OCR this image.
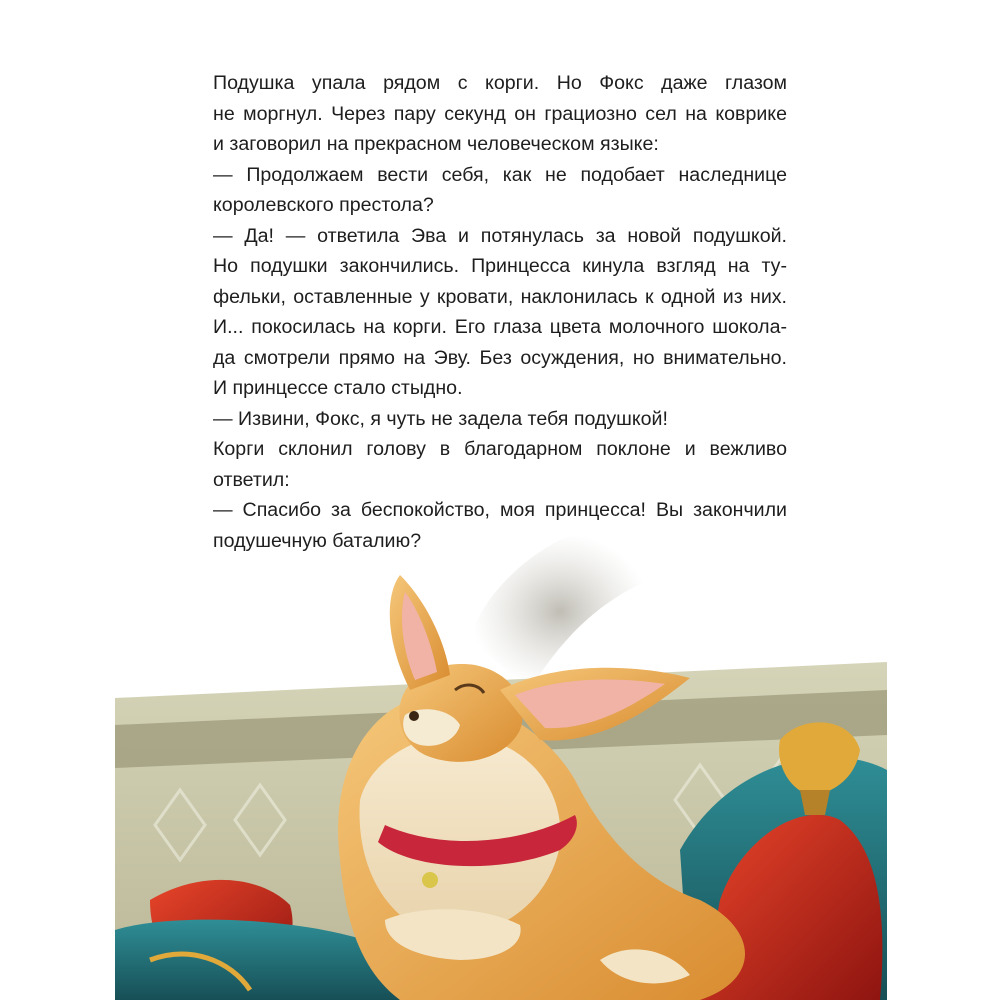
Подушка упала рядом с корги. Но Фокс даже глазом
не моргнул. Через пару секунд он грациозно сел на коврике
и заговорил на прекрасном человеческом языке:
— Продолжаем вести себя, как не подобает наследнице
королевского престола?
— Да! — ответила Эва и потянулась за новой подушкой.
Но подушки закончились. Принцесса кинула взгляд на ту-
фельки, оставленные у кровати, наклонилась к одной из них.
И... покосилась на корги. Его глаза цвета молочного шокола-
да смотрели прямо на Эву. Без осуждения, но внимательно.
И принцессе стало стыдно.
— Извини, Фокс, я чуть не задела тебя подушкой!
Корги склонил голову в благодарном поклоне и вежливо
ответил:
— Спасибо за беспокойство, моя принцесса! Вы закончили
подушечную баталию?
